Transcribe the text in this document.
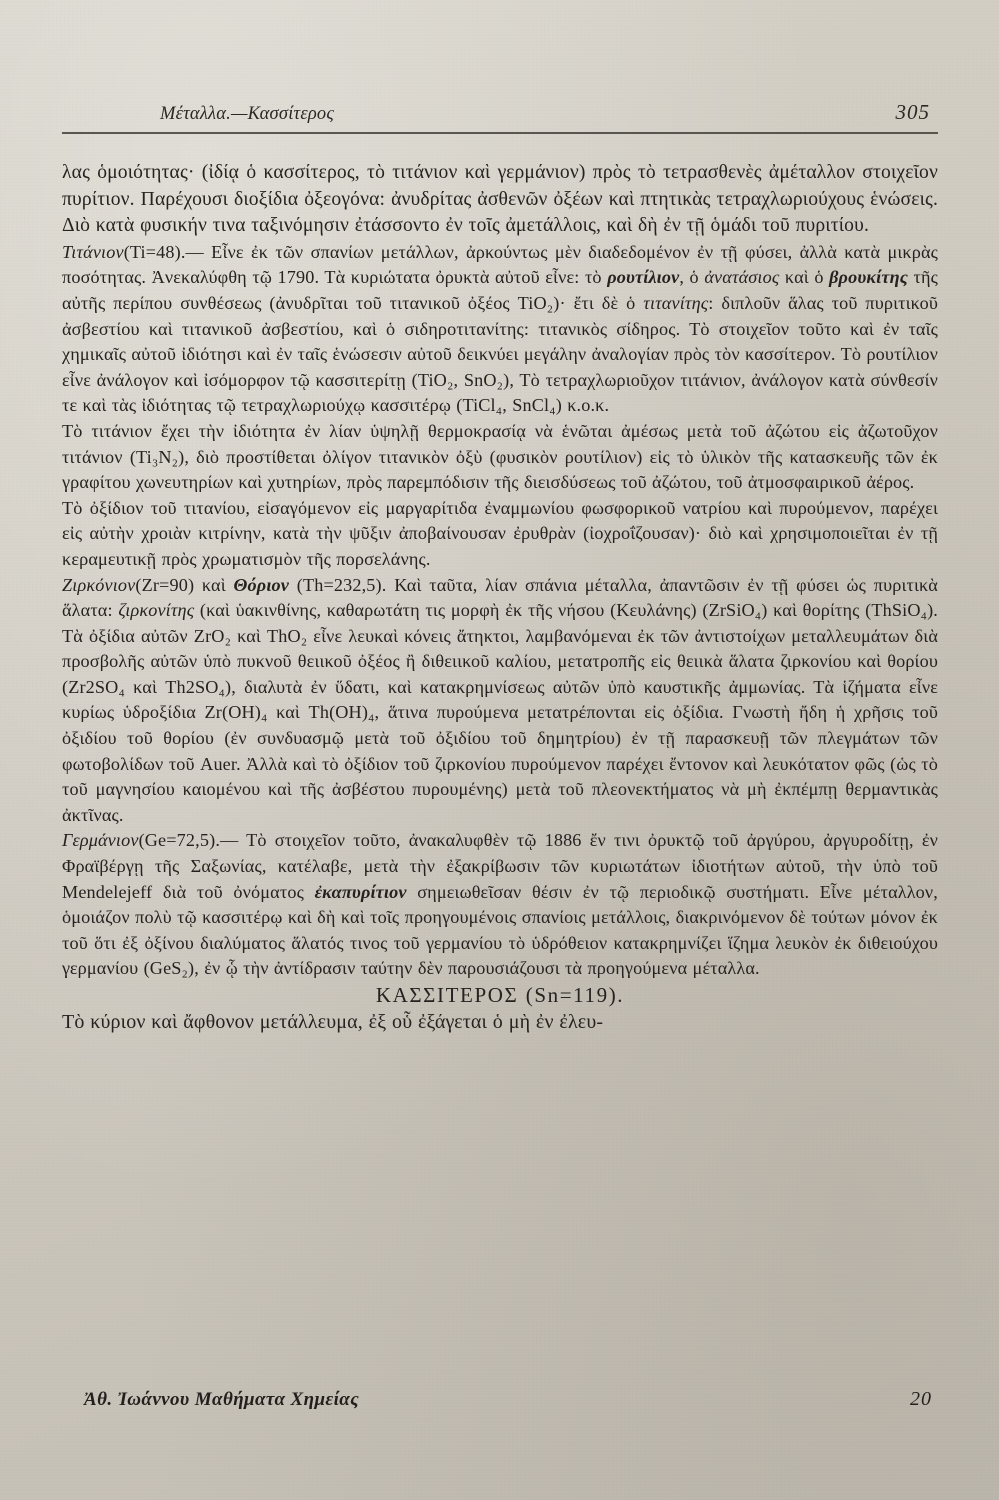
Μέταλλα.—Κασσίτερος	305

λας ὁμοιότητας· (ἰδίᾳ ὁ κασσίτερος, τὸ τιτάνιον καὶ γερμάνιον) πρὸς τὸ τετρασθενὲς ἀμέταλλον στοιχεῖον πυρίτιον. Παρέχουσι διοξίδια ὀξεογόνα: ἀνυδρίτας ἀσθενῶν ὀξέων καὶ πτητικὰς τετραχλωριούχους ἑνώσεις. Διὸ κατὰ φυσικήν τινα ταξινόμησιν ἐτάσσοντο ἐν τοῖς ἀμετάλλοις, καὶ δὴ ἐν τῇ ὁμάδι τοῦ πυριτίου.

Τιτάνιον(Ti=48).— Εἶνε ἐκ τῶν σπανίων μετάλλων, ἀρκούντως μὲν διαδεδομένον ἐν τῇ φύσει, ἀλλὰ κατὰ μικρὰς ποσότητας. Ἀνεκαλύφθη τῷ 1790. Τὰ κυριώτατα ὀρυκτὰ αὐτοῦ εἶνε: τὸ ρουτίλιον, ὁ ἀνατάσιος καὶ ὁ βρουκίτης τῆς αὐτῆς περίπου συνθέσεως (ἀνυδρῖται τοῦ τιτανικοῦ ὀξέος TiO₂)· ἔτι δὲ ὁ τιτανίτης: διπλοῦν ἅλας τοῦ πυριτικοῦ ἀσβεστίου καὶ τιτανικοῦ ἀσβεστίου, καὶ ὁ σιδηροτιτανίτης: τιτανικὸς σίδηρος. Τὸ στοιχεῖον τοῦτο καὶ ἐν ταῖς χημικαῖς αὐτοῦ ἰδιότησι καὶ ἐν ταῖς ἑνώσεσιν αὐτοῦ δεικνύει μεγάλην ἀναλογίαν πρὸς τὸν κασσίτερον. Τὸ ρουτίλιον εἶνε ἀνάλογον καὶ ἰσόμορφον τῷ κασσιτερίτῃ (TiO₂, SnO₂), Τὸ τετραχλωριοῦχον τιτάνιον, ἀνάλογον κατὰ σύνθεσίν τε καὶ τὰς ἰδιότητας τῷ τετραχλωριούχῳ κασσιτέρῳ (TiCl₄, SnCl₄) κ.ο.κ.

Τὸ τιτάνιον ἔχει τὴν ἰδιότητα ἐν λίαν ὑψηλῇ θερμοκρασίᾳ νὰ ἑνῶται ἀμέσως μετὰ τοῦ ἀζώτου εἰς ἀζωτοῦχον τιτάνιον (Ti₃N₂), διὸ προστίθεται ὀλίγον τιτανικὸν ὀξὺ (φυσικὸν ρουτίλιον) εἰς τὸ ὑλικὸν τῆς κατασκευῆς τῶν ἐκ γραφίτου χωνευτηρίων καὶ χυτηρίων, πρὸς παρεμπόδισιν τῆς διεισδύσεως τοῦ ἀζώτου, τοῦ ἀτμοσφαιρικοῦ ἀέρος.

Τὸ ὀξίδιον τοῦ τιτανίου, εἰσαγόμενον εἰς μαργαρίτιδα ἐναμμωνίου φωσφορικοῦ νατρίου καὶ πυρούμενον, παρέχει εἰς αὐτὴν χροιὰν κιτρίνην, κατὰ τὴν ψῦξιν ἀποβαίνουσαν ἐρυθρὰν (ἰοχροΐζουσαν)· διὸ καὶ χρησιμοποιεῖται ἐν τῇ κεραμευτικῇ πρὸς χρωματισμὸν τῆς πορσελάνης.

Ζιρκόνιον(Zr=90) καὶ Θόριον (Th=232,5). Καὶ ταῦτα, λίαν σπάνια μέταλλα, ἀπαντῶσιν ἐν τῇ φύσει ὡς πυριτικὰ ἅλατα: ζιρκονίτης (καὶ ὑακινθίνης, καθαρωτάτη τις μορφὴ ἐκ τῆς νήσου (Κευλάνης) (ZrSiO₄) καὶ θορίτης (ThSiO₄). Τὰ ὀξίδια αὐτῶν ZrO₂ καὶ ThO₂ εἶνε λευκαὶ κόνεις ἄτηκτοι, λαμβανόμεναι ἐκ τῶν ἀντιστοίχων μεταλλευμάτων διὰ προσβολῆς αὐτῶν ὑπὸ πυκνοῦ θειικοῦ ὀξέος ἢ διθειικοῦ καλίου, μετατροπῆς εἰς θειικὰ ἅλατα ζιρκονίου καὶ θορίου (Zr2SO₄ καὶ Th2SO₄), διαλυτὰ ἐν ὕδατι, καὶ κατακρημνίσεως αὐτῶν ὑπὸ καυστικῆς ἀμμωνίας. Τὰ ἱζήματα εἶνε κυρίως ὑδροξίδια Zr(OH)₄ καὶ Th(OH)₄, ἅτινα πυρούμενα μετατρέπονται εἰς ὀξίδια. Γνωστὴ ἤδη ἡ χρῆσις τοῦ ὀξιδίου τοῦ θορίου (ἐν συνδυασμῷ μετὰ τοῦ ὀξιδίου τοῦ δημητρίου) ἐν τῇ παρασκευῇ τῶν πλεγμάτων τῶν φωτοβολίδων τοῦ Auer. Ἀλλὰ καὶ τὸ ὀξίδιον τοῦ ζιρκονίου πυρούμενον παρέχει ἔντονον καὶ λευκότατον φῶς (ὡς τὸ τοῦ μαγνησίου καιομένου καὶ τῆς ἀσβέστου πυρουμένης) μετὰ τοῦ πλεονεκτήματος νὰ μὴ ἐκπέμπῃ θερμαντικὰς ἀκτῖνας.

Γερμάνιον(Ge=72,5).— Τὸ στοιχεῖον τοῦτο, ἀνακαλυφθὲν τῷ 1886 ἔν τινι ὀρυκτῷ τοῦ ἀργύρου, ἀργυροδίτῃ, ἐν Φραϊβέργῃ τῆς Σαξωνίας, κατέλαβε, μετὰ τὴν ἐξακρίβωσιν τῶν κυριωτάτων ἰδιοτήτων αὐτοῦ, τὴν ὑπὸ τοῦ Mendelejeff διὰ τοῦ ὀνόματος ἐκαπυρίτιον σημειωθεῖσαν θέσιν ἐν τῷ περιοδικῷ συστήματι. Εἶνε μέταλλον, ὁμοιάζον πολὺ τῷ κασσιτέρῳ καὶ δὴ καὶ τοῖς προηγουμένοις σπανίοις μετάλλοις, διακρινόμενον δὲ τούτων μόνον ἐκ τοῦ ὅτι ἐξ ὀξίνου διαλύματος ἅλατός τινος τοῦ γερμανίου τὸ ὑδρόθειον κατακρημνίζει ἵζημα λευκὸν ἐκ διθειούχου γερμανίου (GeS₂), ἐν ᾧ τὴν ἀντίδρασιν ταύτην δὲν παρουσιάζουσι τὰ προηγούμενα μέταλλα.

ΚΑΣΣΙΤΕΡΟΣ (Sn=119).

Τὸ κύριον καὶ ἄφθονον μετάλλευμα, ἐξ οὗ ἐξάγεται ὁ μὴ ἐν ἐλευ-

Ἀθ. Ἰωάννου Μαθήματα Χημείας	20
